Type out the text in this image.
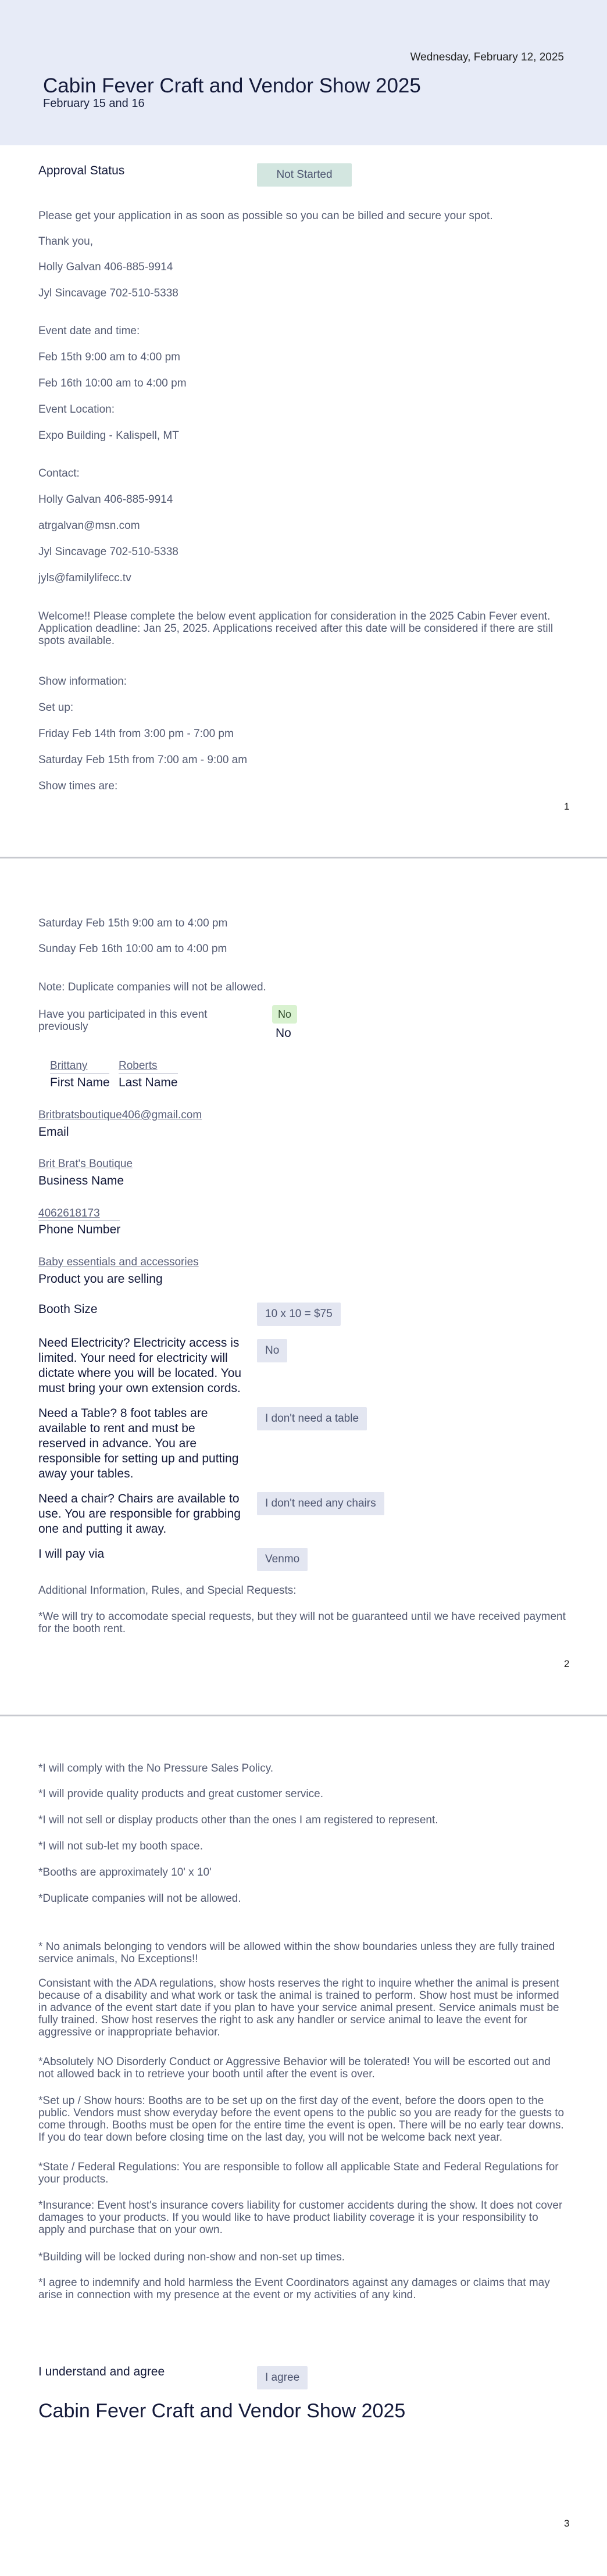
Wednesday, February 12, 2025
Cabin Fever Craft and Vendor Show 2025
February 15 and 16
Approval Status	Not Started
Please get your application in as soon as possible so you can be billed and secure your spot.
Thank you,
Holly Galvan 406-885-9914
Jyl Sincavage 702-510-5338
Event date and time:
Feb 15th 9:00 am to 4:00 pm
Feb 16th 10:00 am to 4:00 pm
Event Location:
Expo Building - Kalispell, MT
Contact:
Holly Galvan 406-885-9914
atrgalvan@msn.com
Jyl Sincavage 702-510-5338
jyls@familylifecc.tv
Welcome!! Please complete the below event application for consideration in the 2025 Cabin Fever event. Application deadline: Jan 25, 2025. Applications received after this date will be considered if there are still spots available.
Show information:
Set up:
Friday Feb 14th from 3:00 pm - 7:00 pm
Saturday Feb 15th from 7:00 am - 9:00 am
Show times are:
1
Saturday Feb 15th 9:00 am to 4:00 pm
Sunday Feb 16th 10:00 am to 4:00 pm
Note: Duplicate companies will not be allowed.
Have you participated in this event previously
No
No
Brittany
First Name
Roberts
Last Name
Britbratsboutique406@gmail.com
Email
Brit Brat's Boutique
Business Name
4062618173
Phone Number
Baby essentials and accessories
Product you are selling
Booth Size	10 x 10 = $75
Need Electricity? Electricity access is limited. Your need for electricity will dictate where you will be located. You must bring your own extension cords.
No
Need a Table? 8 foot tables are available to rent and must be reserved in advance. You are responsible for setting up and putting away your tables.
I don't need a table
Need a chair? Chairs are available to use. You are responsible for grabbing one and putting it away.
I don't need any chairs
I will pay via	Venmo
Additional Information, Rules, and Special Requests:
*We will try to accomodate special requests, but they will not be guaranteed until we have received payment for the booth rent.
2
*I will comply with the No Pressure Sales Policy.
*I will provide quality products and great customer service.
*I will not sell or display products other than the ones I am registered to represent.
*I will not sub-let my booth space.
*Booths are approximately 10' x 10'
*Duplicate companies will not be allowed.
* No animals belonging to vendors will be allowed within the show boundaries unless they are fully trained service animals, No Exceptions!!
Consistant with the ADA regulations, show hosts reserves the right to inquire whether the animal is present because of a disability and what work or task the animal is trained to perform. Show host must be informed in advance of the event start date if you plan to have your service animal present. Service animals must be fully trained. Show host reserves the right to ask any handler or service animal to leave the event for aggressive or inappropriate behavior.
*Absolutely NO Disorderly Conduct or Aggressive Behavior will be tolerated! You will be escorted out and not allowed back in to retrieve your booth until after the event is over.
*Set up / Show hours: Booths are to be set up on the first day of the event, before the doors open to the public. Vendors must show everyday before the event opens to the public so you are ready for the guests to come through. Booths must be open for the entire time the event is open. There will be no early tear downs. If you do tear down before closing time on the last day, you will not be welcome back next year.
*State / Federal Regulations: You are responsible to follow all applicable State and Federal Regulations for your products.
*Insurance: Event host's insurance covers liability for customer accidents during the show. It does not cover damages to your products. If you would like to have product liability coverage it is your responsibility to apply and purchase that on your own.
*Building will be locked during non-show and non-set up times.
*I agree to indemnify and hold harmless the Event Coordinators against any damages or claims that may arise in connection with my presence at the event or my activities of any kind.
I understand and agree	I agree
Cabin Fever Craft and Vendor Show 2025
3
